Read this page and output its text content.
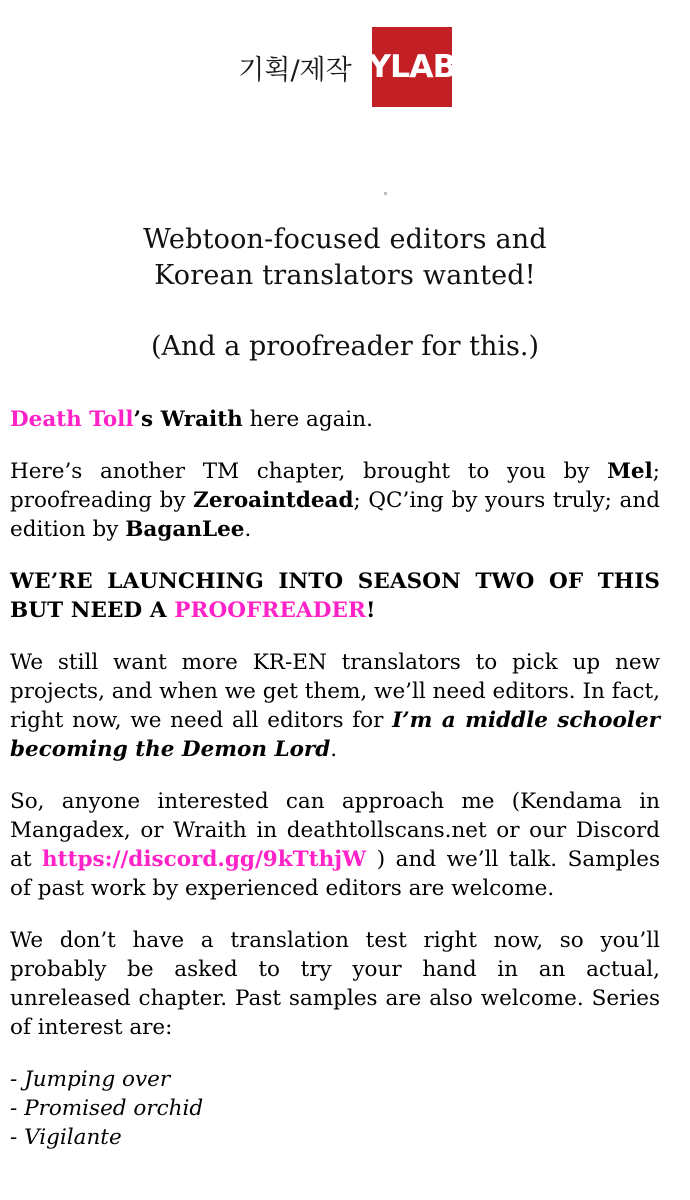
기획/제작 YLAB
Webtoon-focused editors and
Korean translators wanted!
(And a proofreader for this.)

Death Toll’s Wraith here again.

Here’s another TM chapter, brought to you by Mel; proofreading by Zeroaintdead; QC’ing by yours truly; and edition by BaganLee.

WE’RE LAUNCHING INTO SEASON TWO OF THIS BUT NEED A PROOFREADER!

We still want more KR-EN translators to pick up new projects, and when we get them, we’ll need editors. In fact, right now, we need all editors for I’m a middle schooler becoming the Demon Lord.

So, anyone interested can approach me (Kendama in Mangadex, or Wraith in deathtollscans.net or our Discord at https://discord.gg/9kTthjW ) and we’ll talk. Samples of past work by experienced editors are welcome.

We don’t have a translation test right now, so you’ll probably be asked to try your hand in an actual, unreleased chapter. Past samples are also welcome. Series of interest are:

- Jumping over
- Promised orchid
- Vigilante
